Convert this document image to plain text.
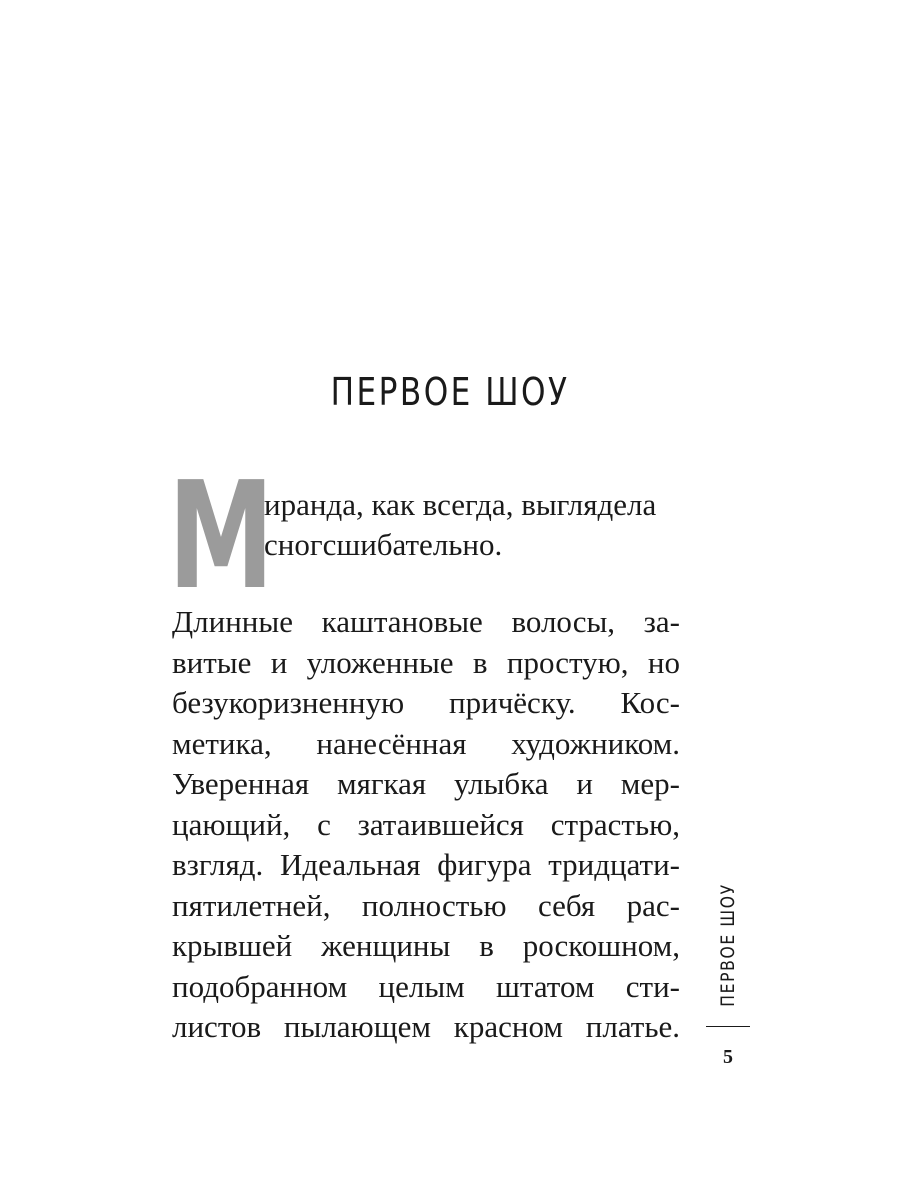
ПЕРВОЕ ШОУ
М
иранда, как всегда, выглядела
сногсшибательно.
Длинные каштановые волосы, за-
витые и уложенные в простую, но
безукоризненную причёску. Кос-
метика, нанесённая художником.
Уверенная мягкая улыбка и мер-
цающий, с затаившейся страстью,
взгляд. Идеальная фигура тридцати-
пятилетней, полностью себя рас-
крывшей женщины в роскошном,
подобранном целым штатом сти-
листов пылающем красном платье.
ПЕРВОЕ ШОУ
5
